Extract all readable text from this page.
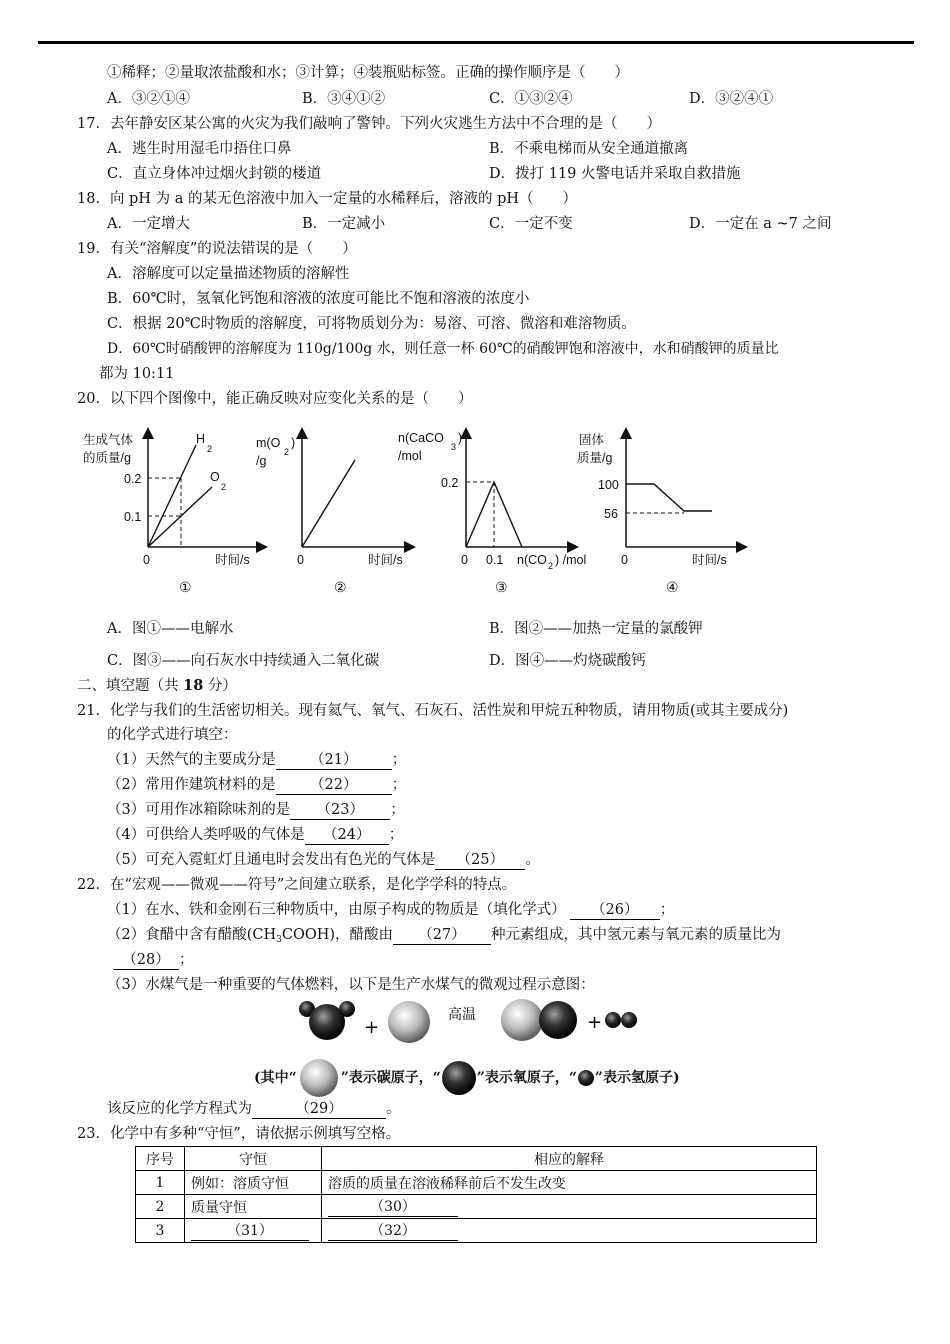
①稀释；②量取浓盐酸和水；③计算；④装瓶贴标签。正确的操作顺序是（　　）
A．③②①④	B．③④①②	C．①③②④	D．③②④①
17．去年静安区某公寓的火灾为我们敲响了警钟。下列火灾逃生方法中不合理的是（　　）
A．逃生时用湿毛巾捂住口鼻	B．不乘电梯而从安全通道撤离
C．直立身体冲过烟火封锁的楼道	D．拨打 119 火警电话并采取自救措施
18．向 pH 为 a 的某无色溶液中加入一定量的水稀释后，溶液的 pH（　　）
A．一定增大	B．一定减小	C．一定不变	D．一定在 a ~7 之间
19．有关“溶解度”的说法错误的是（　　）
A．溶解度可以定量描述物质的溶解性
B．60℃时，氢氧化钙饱和溶液的浓度可能比不饱和溶液的浓度小
C．根据 20℃时物质的溶解度，可将物质划分为：易溶、可溶、微溶和难溶物质。
D．60℃时硝酸钾的溶解度为 110g/100g 水，则任意一杯 60℃的硝酸钾饱和溶液中，水和硝酸钾的质量比
都为 10:11
20．以下四个图像中，能正确反映对应变化关系的是（　　）
生成气体
的质量/g
0.2
0.1
0	时间/s
H
2
O
2
①
m(O
2
)
/g
0	时间/s
②
n(CaCO
3
)
/mol
0.2
0 0.1 n(CO 2 ) /mol
③
固体
质量/g
100
56
0	时间/s
④
A．图①——电解水	B．图②——加热一定量的氯酸钾
C．图③——向石灰水中持续通入二氧化碳	D．图④——灼烧碳酸钙
二、填空题（共 18 分）
21．化学与我们的生活密切相关。现有氦气、氧气、石灰石、活性炭和甲烷五种物质，请用物质(或其主要成分)
的化学式进行填空：
（1）天然气的主要成分是 （21） ；
（2）常用作建筑材料的是 （22） ；
（3）可用作冰箱除味剂的是 （23） ；
（4）可供给人类呼吸的气体是 （24） ；
（5）可充入霓虹灯且通电时会发出有色光的气体是 （25） 。
22．在“宏观——微观——符号”之间建立联系，是化学学科的特点。
（1）在水、铁和金刚石三种物质中，由原子构成的物质是（填化学式） （26） ；
（2）食醋中含有醋酸$(CH_3COOH)$，醋酸由 （27） 种元素组成，其中氢元素与氧元素的质量比为
（28） ；
（3）水煤气是一种重要的气体燃料，以下是生产水煤气的微观过程示意图：
+
高温	+
(其中“	”表示碳原子，“	”表示氧原子，“ ”表示氢原子)
该反应的化学方程式为	（29）	。
23．化学中有多种“守恒”，请依据示例填写空格。
序号	守恒	相应的解释
1	例如：溶质守恒	溶质的质量在溶液稀释前后不发生改变
2	质量守恒	（30）
3	（31）	（32）
